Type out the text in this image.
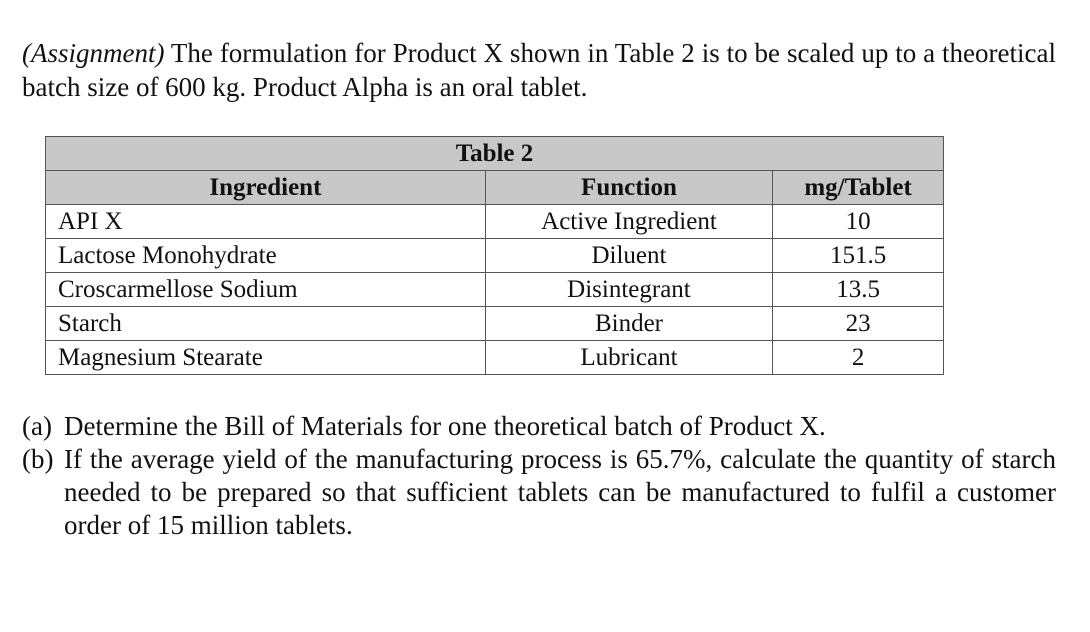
(Assignment) The formulation for Product X shown in Table 2 is to be scaled up to a theoretical batch size of 600 kg. Product Alpha is an oral tablet.
Table 2		
Ingredient	Function	mg/Tablet
API X	Active Ingredient	10
Lactose Monohydrate	Diluent	151.5
Croscarmellose Sodium	Disintegrant	13.5
Starch	Binder	23
Magnesium Stearate	Lubricant	2
(a) Determine the Bill of Materials for one theoretical batch of Product X.
(b) If the average yield of the manufacturing process is 65.7%, calculate the quantity of starch needed to be prepared so that sufficient tablets can be manufactured to fulfil a customer order of 15 million tablets.
